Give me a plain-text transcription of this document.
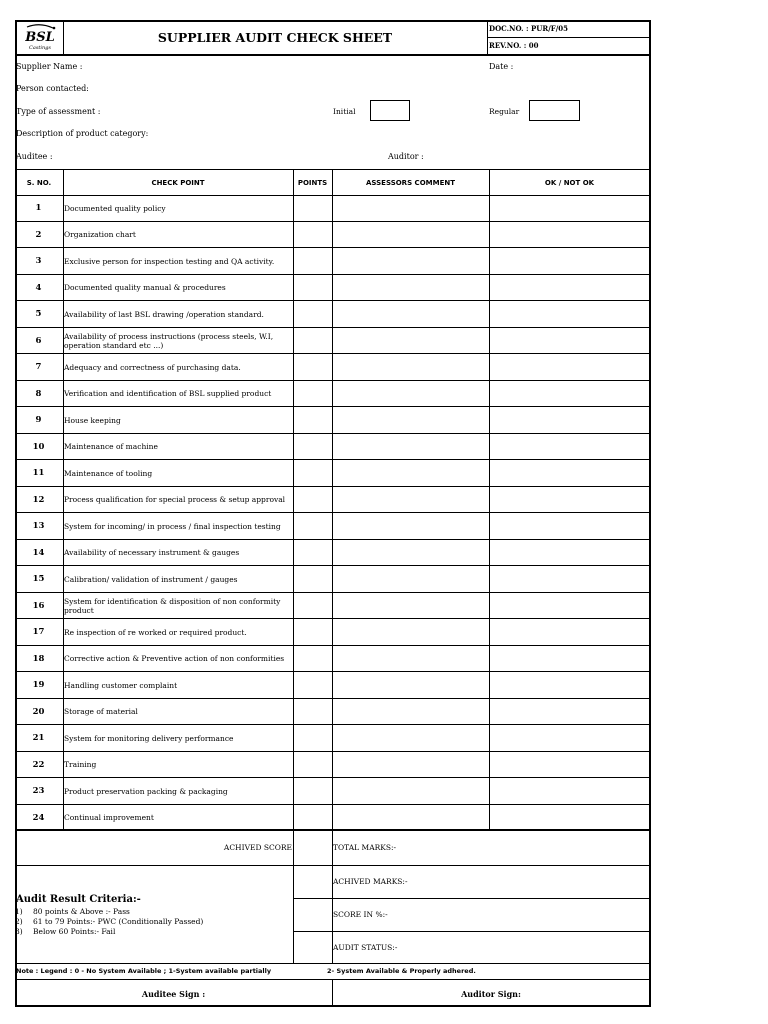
BSL
Castings
SUPPLIER AUDIT CHECK SHEET
DOC.NO. : PUR/F/05
REV.NO. : 00
Supplier Name :	Date :
Person contacted:
Type of assessment :	Initial	Regular
Description of product category:
Auditee :	Auditor :
S. NO.	CHECK POINT	POINTS	ASSESSORS COMMENT	OK / NOT OK
1	Documented quality policy
2	Organization chart
3	Exclusive person for inspection testing and QA activity.
4	Documented quality manual & procedures
5	Availability of last BSL drawing /operation standard.
6	Availability of process instructions (process steels, W.I, operation standard etc ...)
7	Adequacy and correctness of purchasing data.
8	Verification and identification of BSL supplied product
9	House keeping
10	Maintenance of machine
11	Maintenance of tooling
12	Process qualification for special process & setup approval
13	System for incoming/ in process / final inspection testing
14	Availability of necessary instrument & gauges
15	Calibration/ validation of instrument / gauges
16	System for identification & disposition of non conformity product
17	Re inspection of re worked or required product.
18	Corrective action & Preventive action of non conformities
19	Handling customer complaint
20	Storage of material
21	System for monitoring delivery performance
22	Training
23	Product preservation packing & packaging
24	Continual improvement
ACHIVED SCORE	TOTAL MARKS:-
ACHIVED MARKS:-
SCORE IN %:-
AUDIT STATUS:-
Audit Result Criteria:-
1) 80 points & Above :- Pass
2) 61 to 79 Points:- PWC (Conditionally Passed)
3) Below 60 Points:- Fail
Note : Legend : 0 - No System Available ; 1-System available partially	2- System Available & Properly adhered.
Auditee Sign :	Auditor Sign:
